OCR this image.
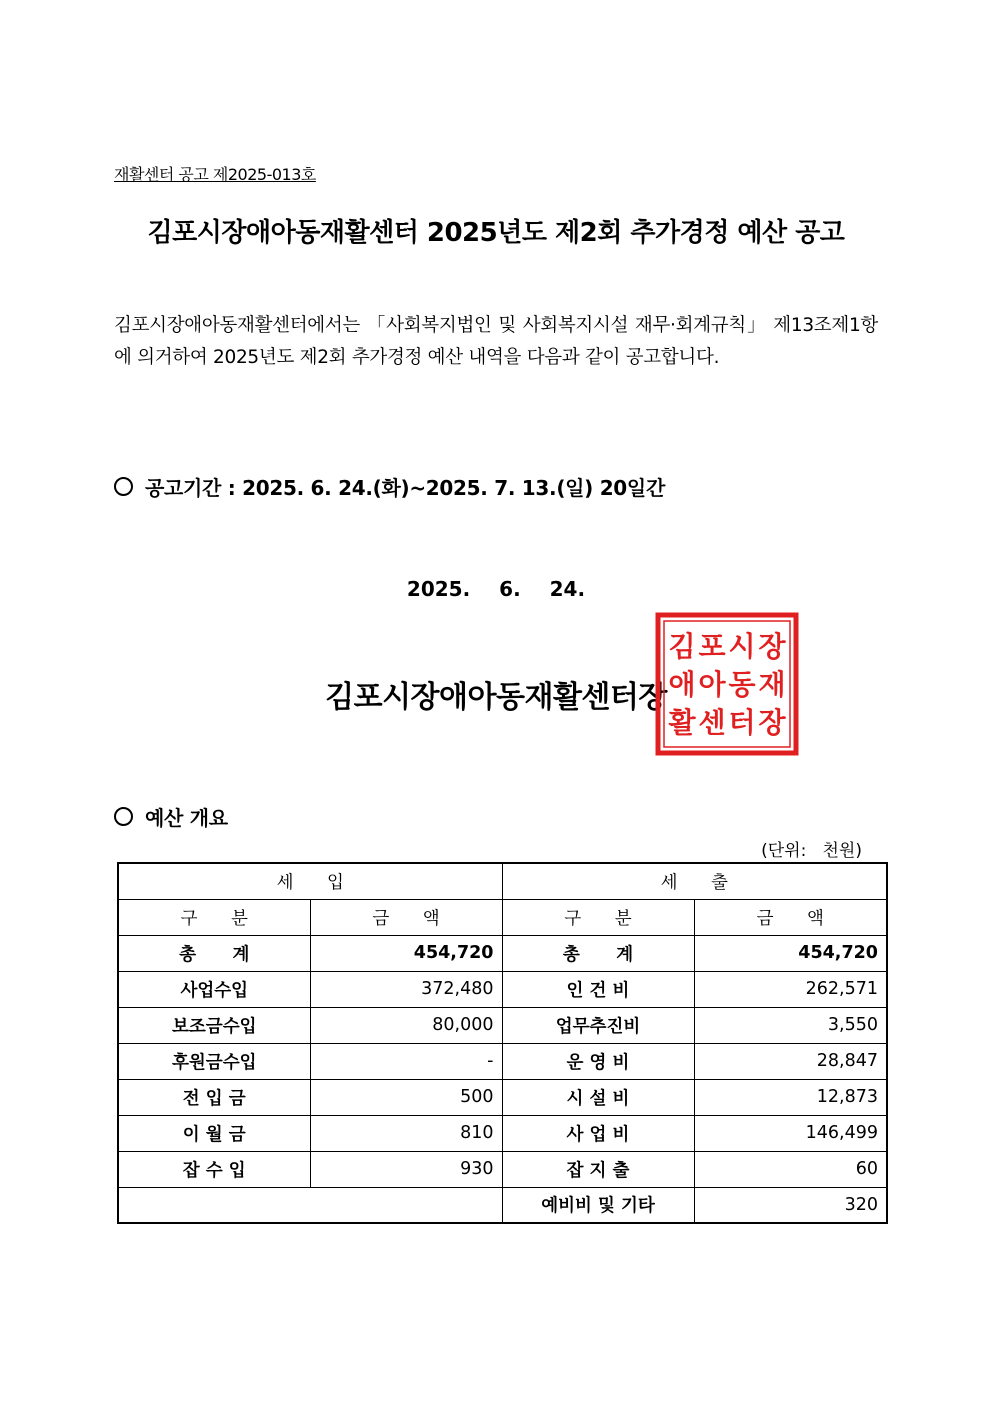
재활센터 공고 제2025-013호
김포시장애아동재활센터 2025년도 제2회 추가경정 예산 공고
김포시장애아동재활센터에서는 「사회복지법인 및 사회복지시설 재무·회계규칙」 제13조제1항에 의거하여 2025년도 제2회 추가경정 예산 내역을 다음과 같이 공고합니다.
공고기간 : 2025. 6. 24.(화)~2025. 7. 13.(일) 20일간
2025. 6. 24.
김포시장애아동재활센터장
김 포 시 장
애 아 동 재
활 센 터 장
예산 개요
(단위:   천원)
세      입		세      출	
구      분	금      액	구      분	금      액
총      계	454,720	총      계	454,720
사업수입	372,480	인 건 비	262,571
보조금수입	80,000	업무추진비	3,550
후원금수입	-	운 영 비	28,847
전 입 금	500	시 설 비	12,873
이 월 금	810	사 업 비	146,499
잡 수 입	930	잡 지 출	60
		예비비 및 기타	320
